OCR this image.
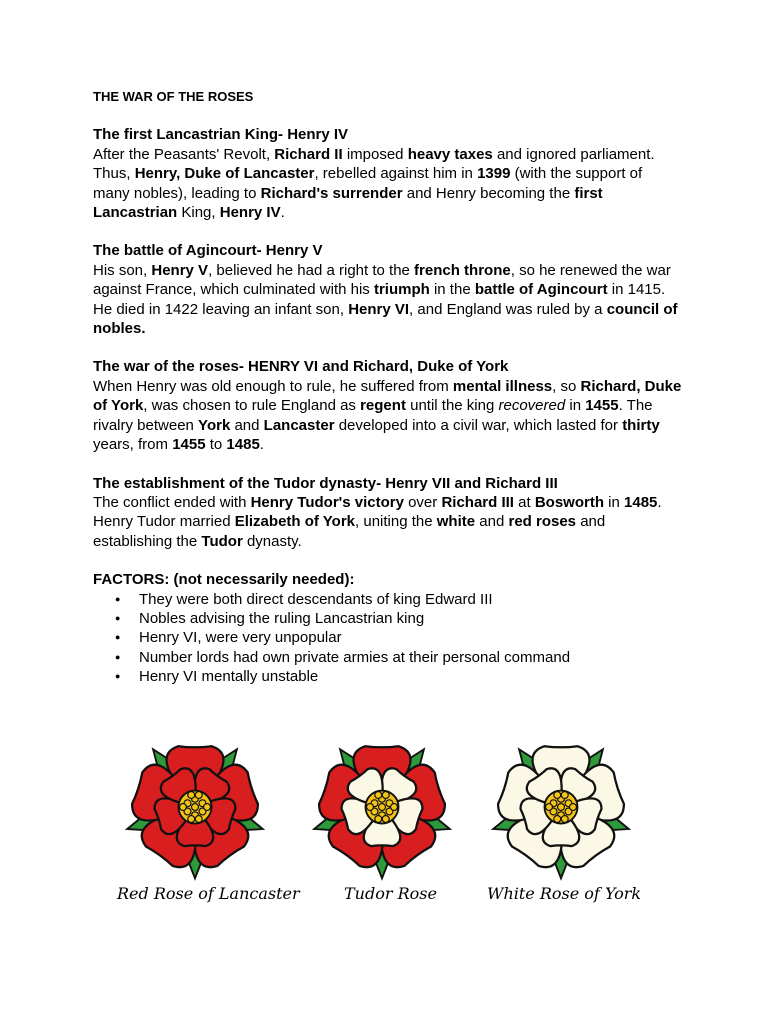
THE WAR OF THE ROSES
The first Lancastrian King- Henry IV
After the Peasants' Revolt, Richard II imposed heavy taxes and ignored parliament. Thus, Henry, Duke of Lancaster, rebelled against him in 1399 (with the support of many nobles), leading to Richard's surrender and Henry becoming the first Lancastrian King, Henry IV.
The battle of Agincourt- Henry V
His son, Henry V, believed he had a right to the french throne, so he renewed the war against France, which culminated with his triumph in the battle of Agincourt in 1415. He died in 1422 leaving an infant son, Henry VI, and England was ruled by a council of nobles.
The war of the roses- HENRY VI and Richard, Duke of York
When Henry was old enough to rule, he suffered from mental illness, so Richard, Duke of York, was chosen to rule England as regent until the king recovered in 1455. The rivalry between York and Lancaster developed into a civil war, which lasted for thirty years, from 1455 to 1485.
The establishment of the Tudor dynasty- Henry VII and Richard III
The conflict ended with Henry Tudor's victory over Richard III at Bosworth in 1485. Henry Tudor married Elizabeth of York, uniting the white and red roses and establishing the Tudor dynasty.
FACTORS: (not necessarily needed):
● They were both direct descendants of king Edward III
● Nobles advising the ruling Lancastrian king
● Henry VI, were very unpopular
● Number lords had own private armies at their personal command
● Henry VI mentally unstable
Red Rose of Lancaster	Tudor Rose	White Rose of York
